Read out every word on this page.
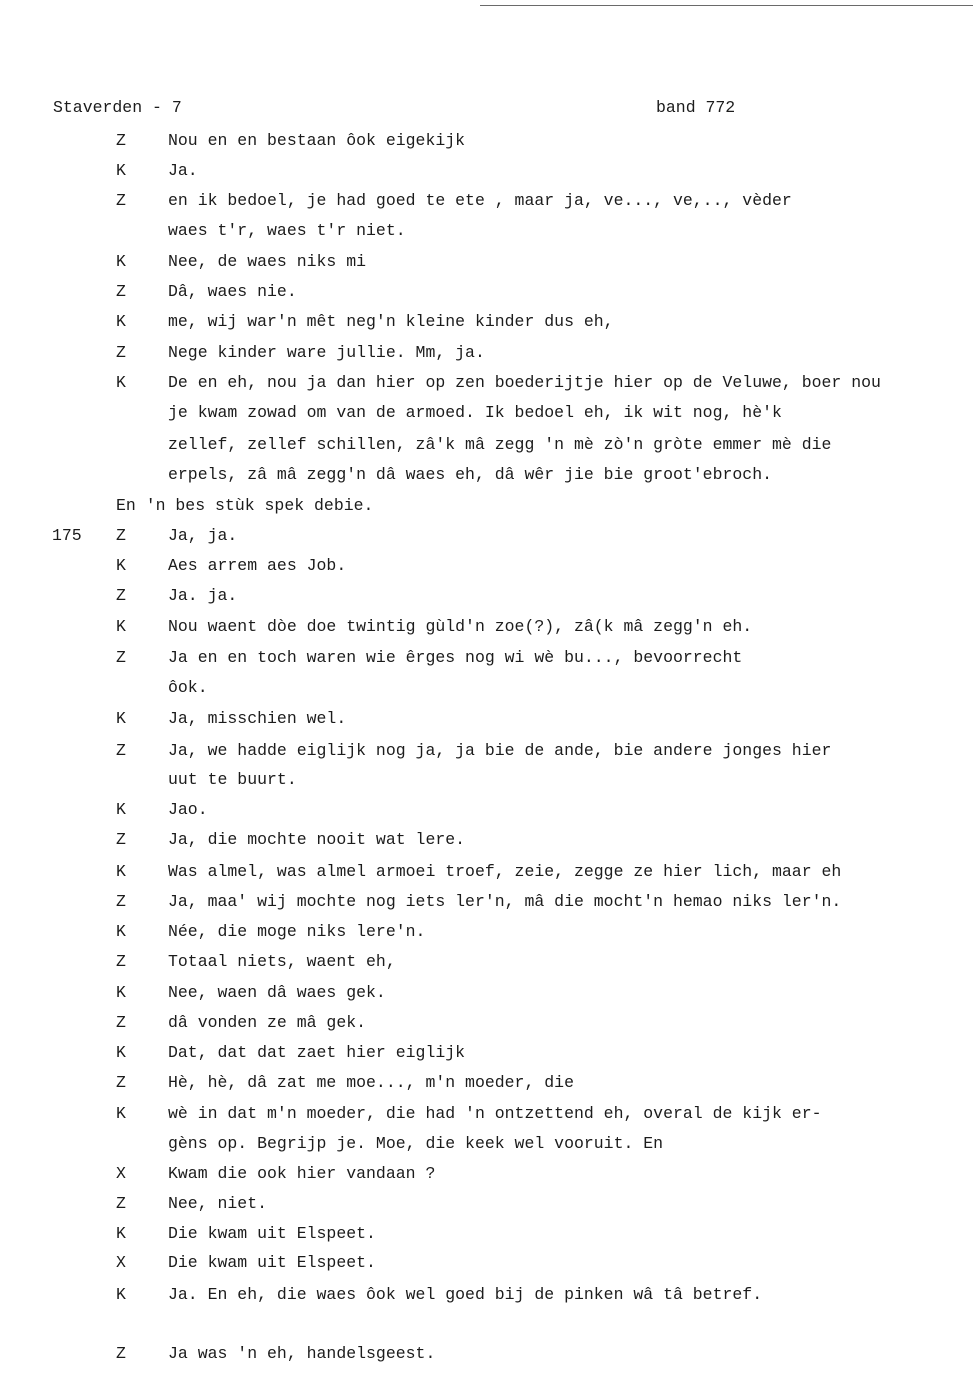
Staverden - 7	band 772
Z	Nou en en bestaan ôok eigekijk
K	Ja.
Z	en ik bedoel, je had goed te ete , maar ja, ve..., ve,.., vèder
waes t'r, waes t'r niet.
K	Nee, de waes niks mi
Z	Dâ, waes nie.
K	me, wij war'n mêt neg'n kleine kinder dus eh,
Z	Nege kinder ware jullie. Mm, ja.
K	De en eh, nou ja dan hier op zen boederijtje hier op de Veluwe, boer nou
je kwam zowad om van de armoed. Ik bedoel eh, ik wit nog, hè'k
zellef, zellef schillen, zâ'k mâ zegg 'n mè zò'n gròte emmer mè die
erpels, zâ mâ zegg'n dâ waes eh, dâ wêr jie bie groot'ebroch.
En 'n bes stùk spek debie.
175	Z	Ja, ja.
K	Aes arrem aes Job.
Z	Ja. ja.
K	Nou waent dòe doe twintig gùld'n zoe(?), zâ(k mâ zegg'n eh.
Z	Ja en en toch waren wie êrges nog wi wè bu..., bevoorrecht
ôok.
K	Ja, misschien wel.
Z	Ja, we hadde eiglijk nog ja, ja bie de ande, bie andere jonges hier
uut te buurt.
K	Jao.
Z	Ja, die mochte nooit wat lere.
K	Was almel, was almel armoei troef, zeie, zegge ze hier lich, maar eh
Z	Ja, maa' wij mochte nog iets ler'n, mâ die mocht'n hemao niks ler'n.
K	Née, die moge niks lere'n.
Z	Totaal niets, waent eh,
K	Nee, waen dâ waes gek.
Z	dâ vonden ze mâ gek.
K	Dat, dat dat zaet hier eiglijk
Z	Hè, hè, dâ zat me moe..., m'n moeder, die
K	wè in dat m'n moeder, die had 'n ontzettend eh, overal de kijk er-
gèns op. Begrijp je. Moe, die keek wel vooruit. En
X	Kwam die ook hier vandaan ?
Z	Nee, niet.
K	Die kwam uit Elspeet.
X	Die kwam uit Elspeet.
K	Ja. En eh, die waes ôok wel goed bij de pinken wâ tâ betref.
Z	Ja was 'n eh, handelsgeest.
